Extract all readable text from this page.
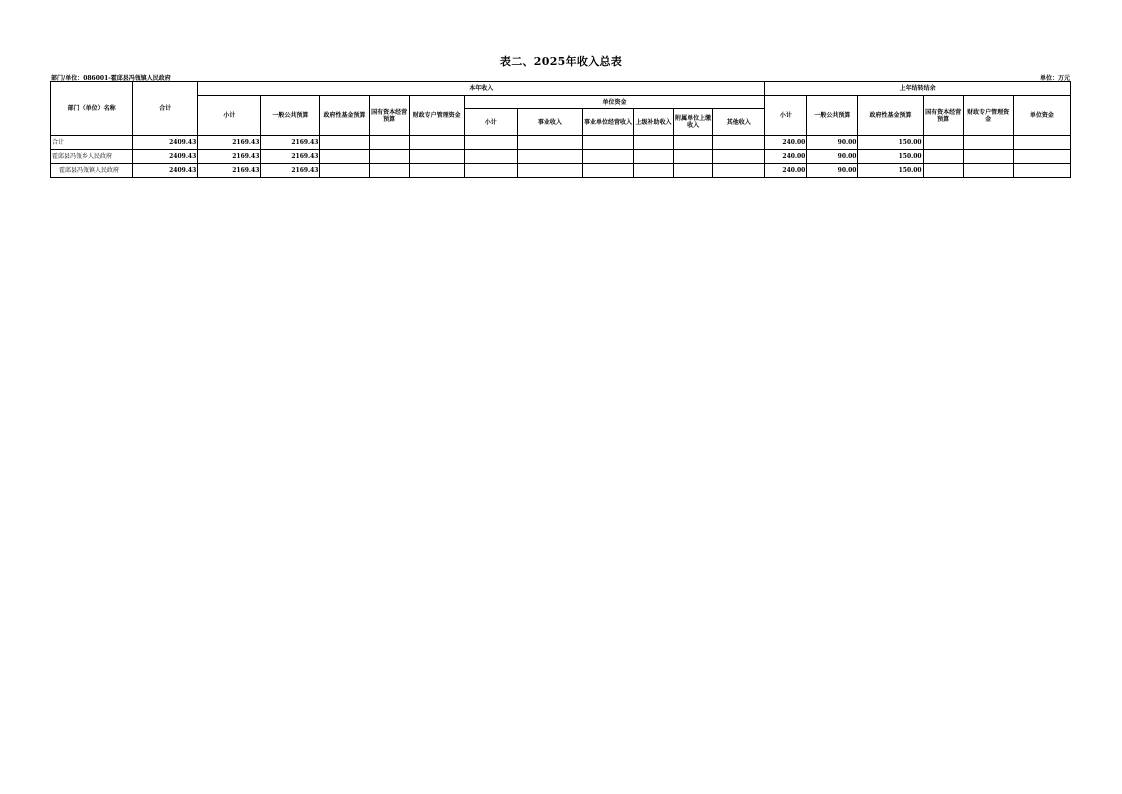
表二、2025年收入总表
部门/单位：086001-霍邱县冯瓴镇人民政府	单位：万元
部门（单位）名称	合计	本年收入											上年结转结余					
		小计	一般公共预算	政府性基金预算	国有资本经营预算	财政专户管理资金	单位资金						小计	一般公共预算	政府性基金预算	国有资本经营预算	财政专户管理资金	单位资金
							小计	事业收入	事业单位经营收入	上级补助收入	附属单位上缴收入	其他收入						
合计	2409.43	2169.43	2169.43										240.00	90.00	150.00			
霍邱县冯瓴乡人民政府	2409.43	2169.43	2169.43										240.00	90.00	150.00			
霍邱县冯瓴镇人民政府	2409.43	2169.43	2169.43										240.00	90.00	150.00			
